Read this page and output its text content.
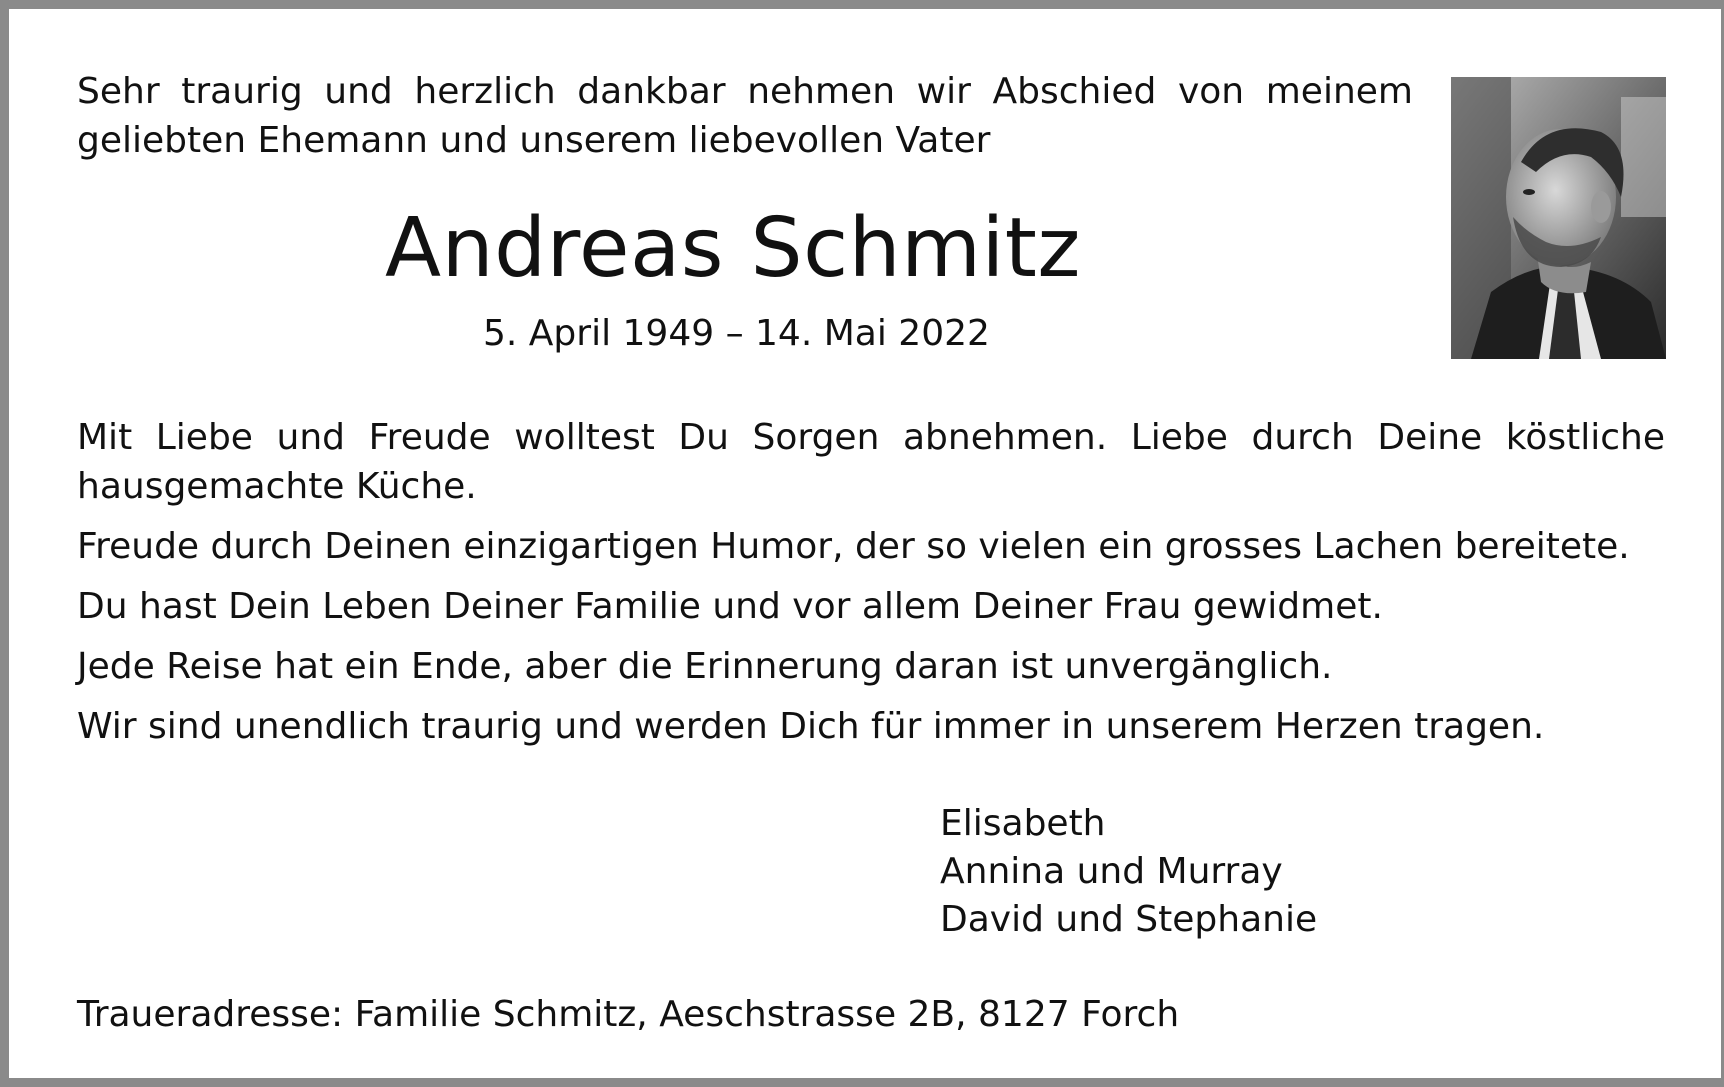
Sehr traurig und herzlich dankbar nehmen wir Abschied von meinem
geliebten Ehemann und unserem liebevollen Vater

Andreas Schmitz

5. April 1949 – 14. Mai 2022

Mit Liebe und Freude wolltest Du Sorgen abnehmen. Liebe durch Deine köstliche hausgemachte Küche.

Freude durch Deinen einzigartigen Humor, der so vielen ein grosses Lachen bereitete.

Du hast Dein Leben Deiner Familie und vor allem Deiner Frau gewidmet.

Jede Reise hat ein Ende, aber die Erinnerung daran ist unvergänglich.

Wir sind unendlich traurig und werden Dich für immer in unserem Herzen tragen.

Elisabeth
Annina und Murray
David und Stephanie

Traueradresse: Familie Schmitz, Aeschstrasse 2B, 8127 Forch
